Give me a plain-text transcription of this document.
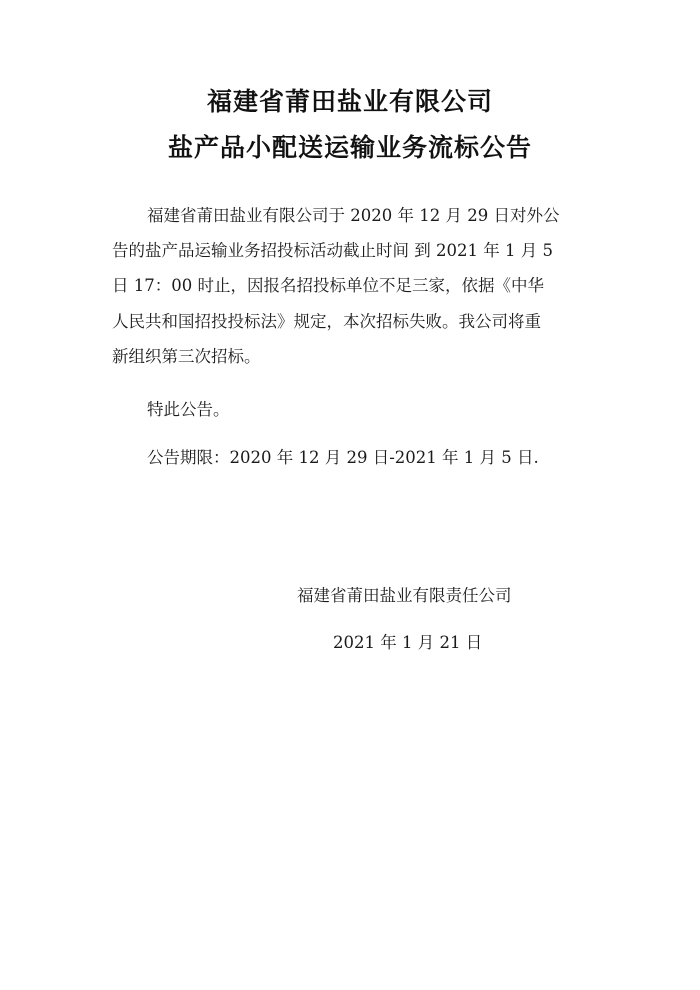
福建省莆田盐业有限公司
盐产品小配送运输业务流标公告
福建省莆田盐业有限公司于 2020 年 12 月 29 日对外公
告的盐产品运输业务招投标活动截止时间 到 2021 年 1 月 5
日 17：00 时止，因报名招投标单位不足三家，依据《中华
人民共和国招投投标法》规定，本次招标失败。我公司将重
新组织第三次招标。
特此公告。
公告期限：2020 年 12 月 29 日-2021 年 1 月 5 日.
福建省莆田盐业有限责任公司
2021 年 1 月 21 日
